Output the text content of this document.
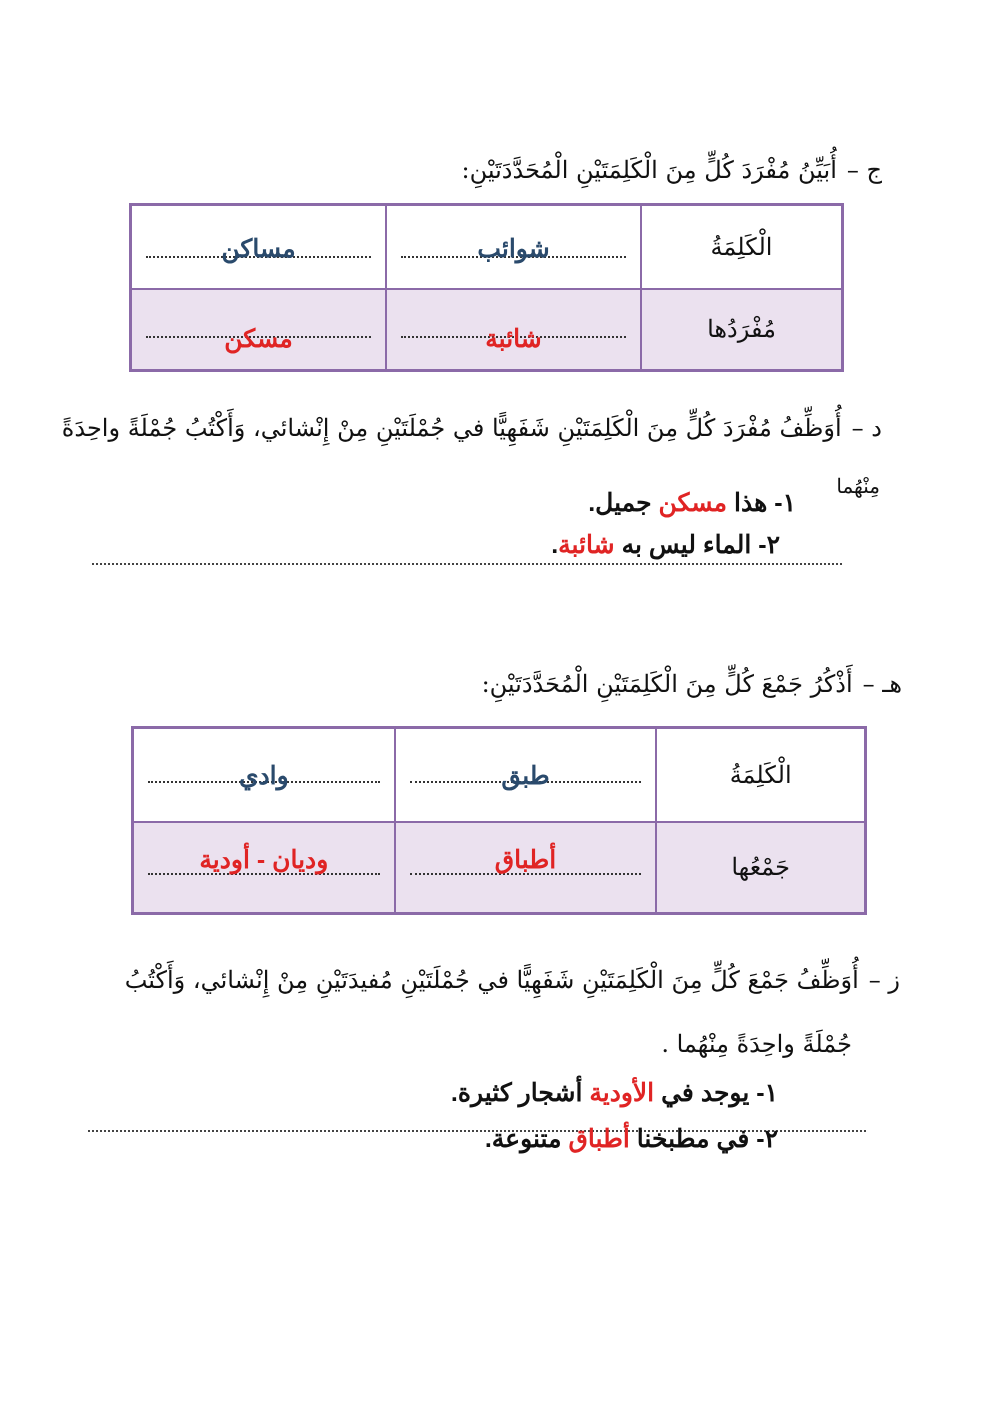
ج –أُبَيِّنُ مُفْرَدَ كُلٍّ مِنَ الْكَلِمَتَيْنِ الْمُحَدَّدَتَيْنِ:
الْكَلِمَةُ	شوائب	مساكن

مُفْرَدُها	شائبة	مسكن
د –أُوَظِّفُ مُفْرَدَ كُلٍّ مِنَ الْكَلِمَتَيْنِ شَفَهِيًّا في جُمْلَتَيْنِ مِنْ إِنْشائي، وَأَكْتُبُ جُمْلَةً واحِدَةً
مِنْهُما
١- هذا مسكن جميل.
٢- الماء ليس به شائبة.
هـ –أَذْكُرُ جَمْعَ كُلٍّ مِنَ الْكَلِمَتَيْنِ الْمُحَدَّدَتَيْنِ:
الْكَلِمَةُ	طبق	وادي

جَمْعُها	أطباق	وديان - أودية
ز –أُوَظِّفُ جَمْعَ كُلٍّ مِنَ الْكَلِمَتَيْنِ شَفَهِيًّا في جُمْلَتَيْنِ مُفيدَتَيْنِ مِنْ إِنْشائي، وَأَكْتُبُ
جُمْلَةً واحِدَةً مِنْهُما .
١- يوجد في الأودية أشجار كثيرة.
٢- في مطبخنا أطباق متنوعة.
